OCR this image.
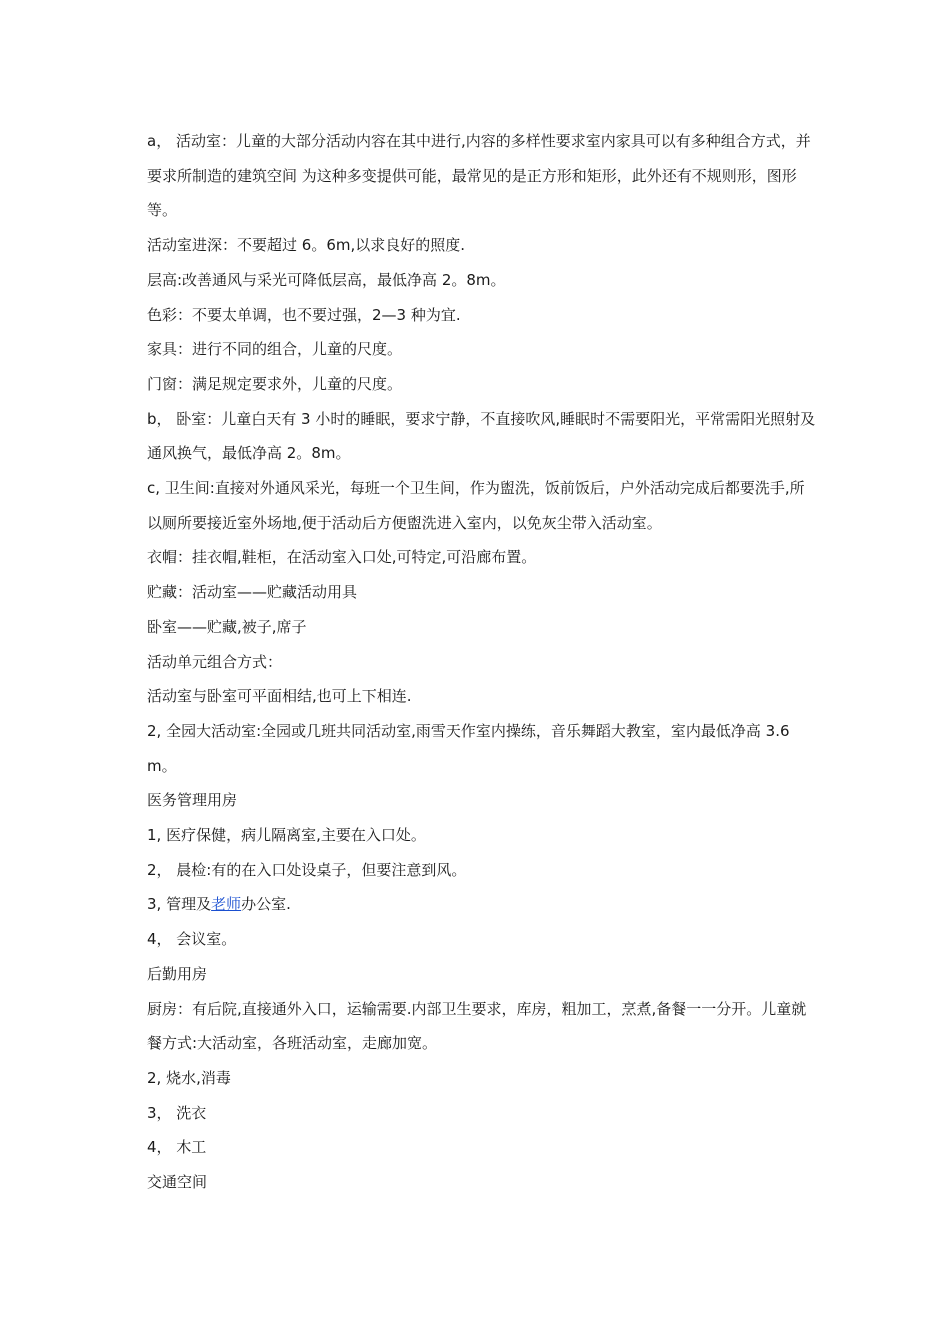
a， 活动室：儿童的大部分活动内容在其中进行,内容的多样性要求室内家具可以有多种组合方式，并要求所制造的建筑空间 为这种多变提供可能，最常见的是正方形和矩形，此外还有不规则形，图形等。

活动室进深：不要超过 6。6m,以求良好的照度.

层高:改善通风与采光可降低层高，最低净高 2。8m。

色彩：不要太单调，也不要过强，2—3 种为宜.

家具：进行不同的组合，儿童的尺度。

门窗：满足规定要求外，儿童的尺度。

b， 卧室：儿童白天有 3 小时的睡眠，要求宁静，不直接吹风,睡眠时不需要阳光，平常需阳光照射及通风换气，最低净高 2。8m。

c, 卫生间:直接对外通风采光，每班一个卫生间，作为盥洗，饭前饭后，户外活动完成后都要洗手,所以厕所要接近室外场地,便于活动后方便盥洗进入室内，以免灰尘带入活动室。

衣帽：挂衣帽,鞋柜，在活动室入口处,可特定,可沿廊布置。

贮藏：活动室——贮藏活动用具

卧室——贮藏,被子,席子

活动单元组合方式：

活动室与卧室可平面相结,也可上下相连.

2, 全园大活动室:全园或几班共同活动室,雨雪天作室内操练，音乐舞蹈大教室，室内最低净高 3.6m。

医务管理用房

1, 医疗保健，病儿隔离室,主要在入口处。

2， 晨检:有的在入口处设桌子，但要注意到风。

3, 管理及老师办公室.

4， 会议室。

后勤用房

厨房：有后院,直接通外入口，运输需要.内部卫生要求，库房，粗加工，烹煮,备餐一一分开。儿童就餐方式:大活动室，各班活动室，走廊加宽。

2, 烧水,消毒

3， 洗衣

4， 木工

交通空间
